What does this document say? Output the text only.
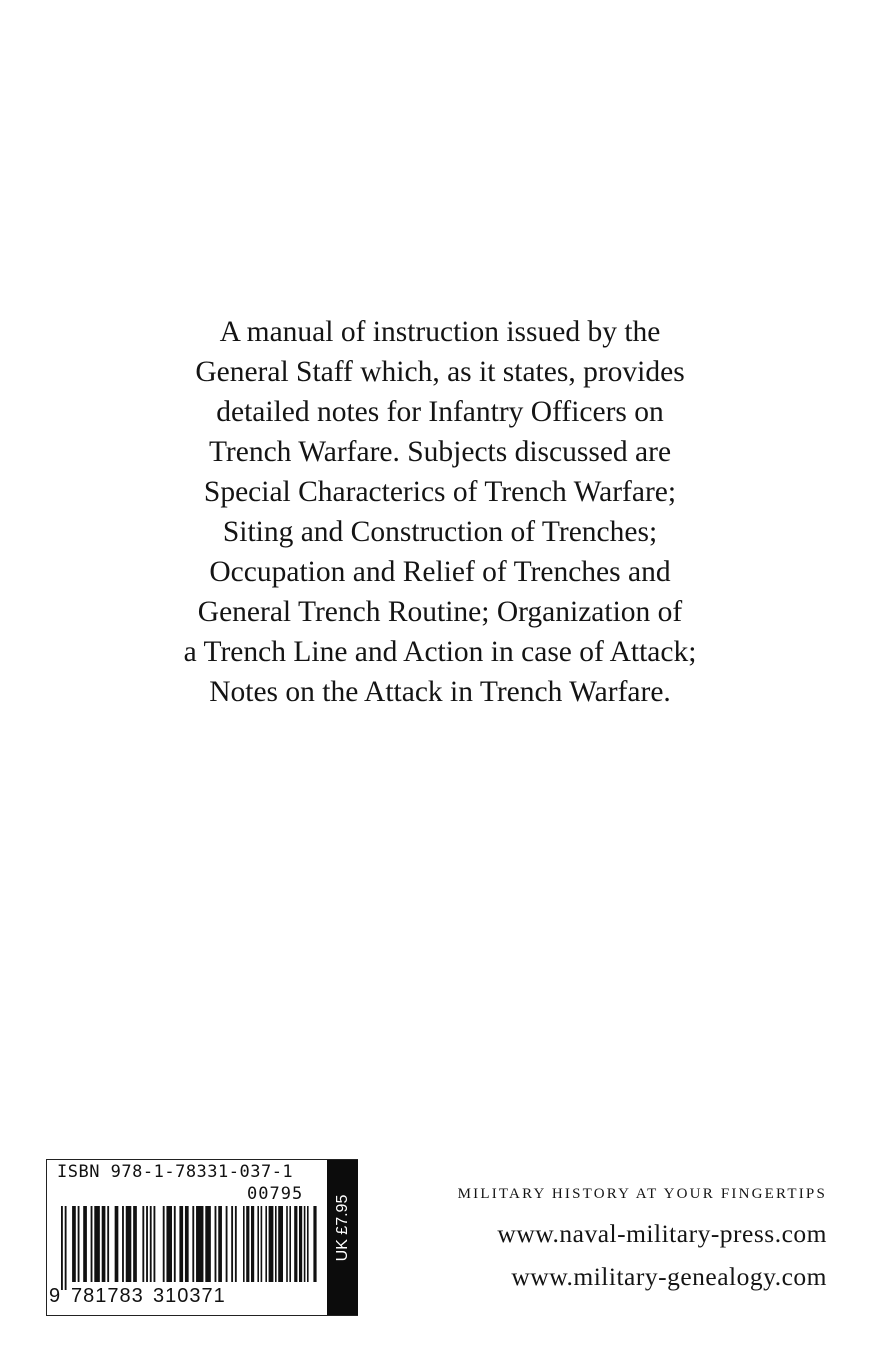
A manual of instruction issued by the
General Staff which, as it states, provides
detailed notes for Infantry Officers on
Trench Warfare. Subjects discussed are
Special Characterics of Trench Warfare;
Siting and Construction of Trenches;
Occupation and Relief of Trenches and
General Trench Routine; Organization of
a Trench Line and Action in case of Attack;
Notes on the Attack in Trench Warfare.
ISBN 978-1-78331-037-1
00795
9 781783 310371
UK £7.95
MILITARY HISTORY AT YOUR FINGERTIPS
www.naval-military-press.com
www.military-genealogy.com
